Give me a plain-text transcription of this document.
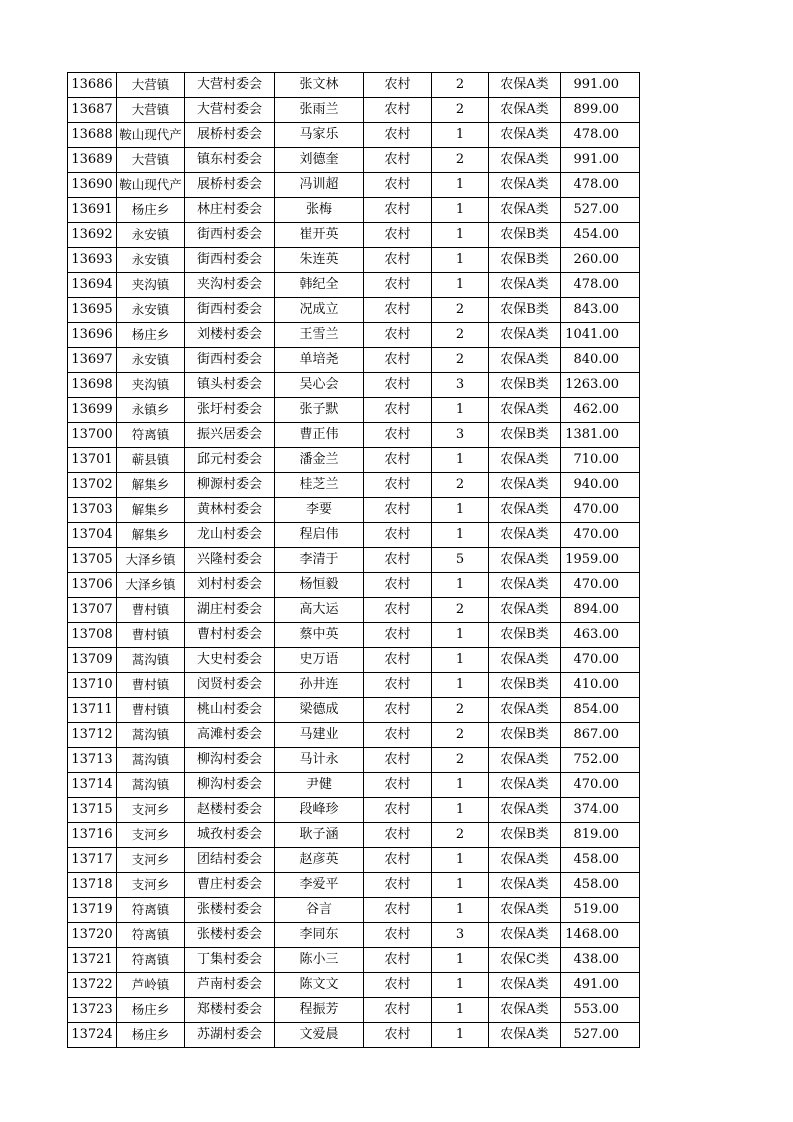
13686	大营镇	大营村委会	张文林	农村	2	农保A类	991.00
13687	大营镇	大营村委会	张雨兰	农村	2	农保A类	899.00
13688	鞍山现代产	展桥村委会	马家乐	农村	1	农保A类	478.00
13689	大营镇	镇东村委会	刘德奎	农村	2	农保A类	991.00
13690	鞍山现代产	展桥村委会	冯训超	农村	1	农保A类	478.00
13691	杨庄乡	林庄村委会	张梅	农村	1	农保A类	527.00
13692	永安镇	街西村委会	崔开英	农村	1	农保B类	454.00
13693	永安镇	街西村委会	朱连英	农村	1	农保B类	260.00
13694	夹沟镇	夹沟村委会	韩纪全	农村	1	农保A类	478.00
13695	永安镇	街西村委会	况成立	农村	2	农保B类	843.00
13696	杨庄乡	刘楼村委会	王雪兰	农村	2	农保A类	1041.00
13697	永安镇	街西村委会	单培尧	农村	2	农保A类	840.00
13698	夹沟镇	镇头村委会	吴心会	农村	3	农保B类	1263.00
13699	永镇乡	张圩村委会	张子默	农村	1	农保A类	462.00
13700	符离镇	振兴居委会	曹正伟	农村	3	农保B类	1381.00
13701	蕲县镇	邱元村委会	潘金兰	农村	1	农保A类	710.00
13702	解集乡	柳源村委会	桂芝兰	农村	2	农保A类	940.00
13703	解集乡	黄林村委会	李要	农村	1	农保A类	470.00
13704	解集乡	龙山村委会	程启伟	农村	1	农保A类	470.00
13705	大泽乡镇	兴隆村委会	李清于	农村	5	农保A类	1959.00
13706	大泽乡镇	刘村村委会	杨恒毅	农村	1	农保A类	470.00
13707	曹村镇	湖庄村委会	高大运	农村	2	农保A类	894.00
13708	曹村镇	曹村村委会	蔡中英	农村	1	农保B类	463.00
13709	蒿沟镇	大史村委会	史万语	农村	1	农保A类	470.00
13710	曹村镇	闵贤村委会	孙井连	农村	1	农保B类	410.00
13711	曹村镇	桃山村委会	梁德成	农村	2	农保A类	854.00
13712	蒿沟镇	高滩村委会	马建业	农村	2	农保B类	867.00
13713	蒿沟镇	柳沟村委会	马计永	农村	2	农保A类	752.00
13714	蒿沟镇	柳沟村委会	尹健	农村	1	农保A类	470.00
13715	支河乡	赵楼村委会	段峰珍	农村	1	农保A类	374.00
13716	支河乡	城孜村委会	耿子涵	农村	2	农保B类	819.00
13717	支河乡	团结村委会	赵彦英	农村	1	农保A类	458.00
13718	支河乡	曹庄村委会	李爱平	农村	1	农保A类	458.00
13719	符离镇	张楼村委会	谷言	农村	1	农保A类	519.00
13720	符离镇	张楼村委会	李同东	农村	3	农保A类	1468.00
13721	符离镇	丁集村委会	陈小三	农村	1	农保C类	438.00
13722	芦岭镇	芦南村委会	陈文文	农村	1	农保A类	491.00
13723	杨庄乡	郑楼村委会	程振芳	农村	1	农保A类	553.00
13724	杨庄乡	苏湖村委会	文爱晨	农村	1	农保A类	527.00
